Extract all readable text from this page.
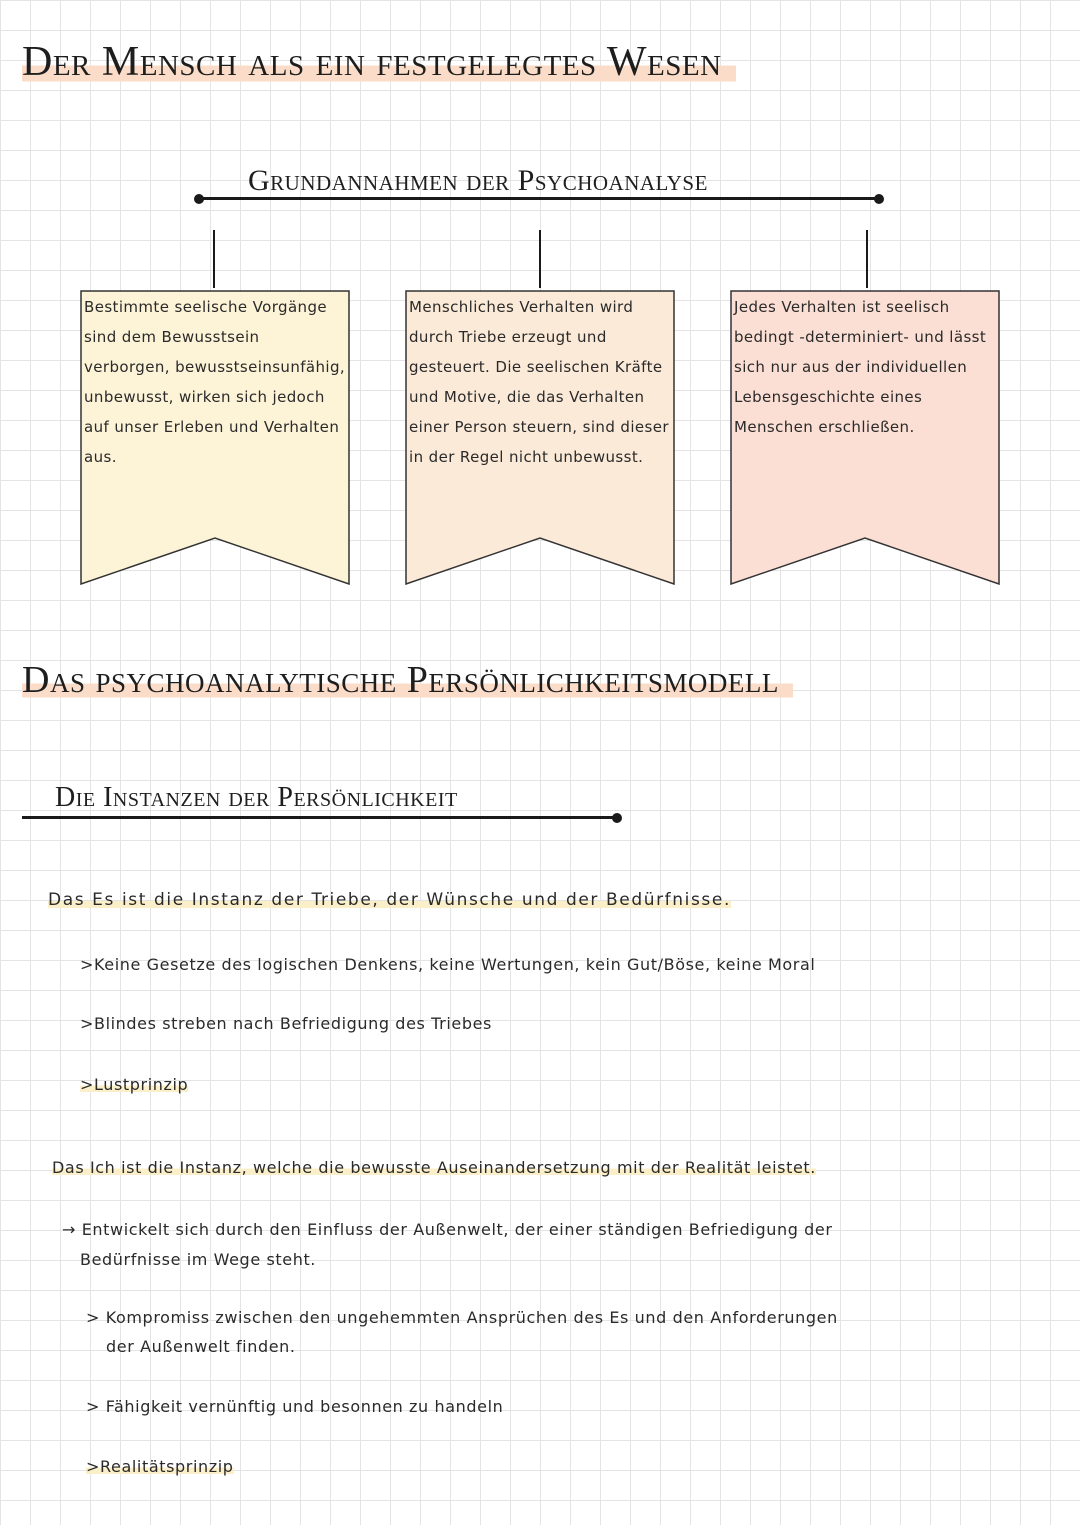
Der Mensch als ein festgelegtes Wesen
Grundannahmen der Psychoanalyse
Bestimmte seelische Vorgänge sind dem Bewusstsein verborgen, bewusstseinsunfähig, unbewusst, wirken sich jedoch auf unser Erleben und Verhalten aus.
Menschliches Verhalten wird durch Triebe erzeugt und gesteuert. Die seelischen Kräfte und Motive, die das Verhalten einer Person steuern, sind dieser in der Regel nicht unbewusst.
Jedes Verhalten ist seelisch bedingt -determiniert- und lässt sich nur aus der individuellen Lebensgeschichte eines Menschen erschließen.
Das psychoanalytische Persönlichkeitsmodell
Die Instanzen der Persönlichkeit
Das Es ist die Instanz der Triebe, der Wünsche und der Bedürfnisse.
>Keine Gesetze des logischen Denkens, keine Wertungen, kein Gut/Böse, keine Moral
>Blindes streben nach Befriedigung des Triebes
>Lustprinzip
Das Ich ist die Instanz, welche die bewusste Auseinandersetzung mit der Realität leistet.
→ Entwickelt sich durch den Einfluss der Außenwelt, der einer ständigen Befriedigung der
Bedürfnisse im Wege steht.
> Kompromiss zwischen den ungehemmten Ansprüchen des Es und den Anforderungen
der Außenwelt finden.
> Fähigkeit vernünftig und besonnen zu handeln
>Realitätsprinzip
